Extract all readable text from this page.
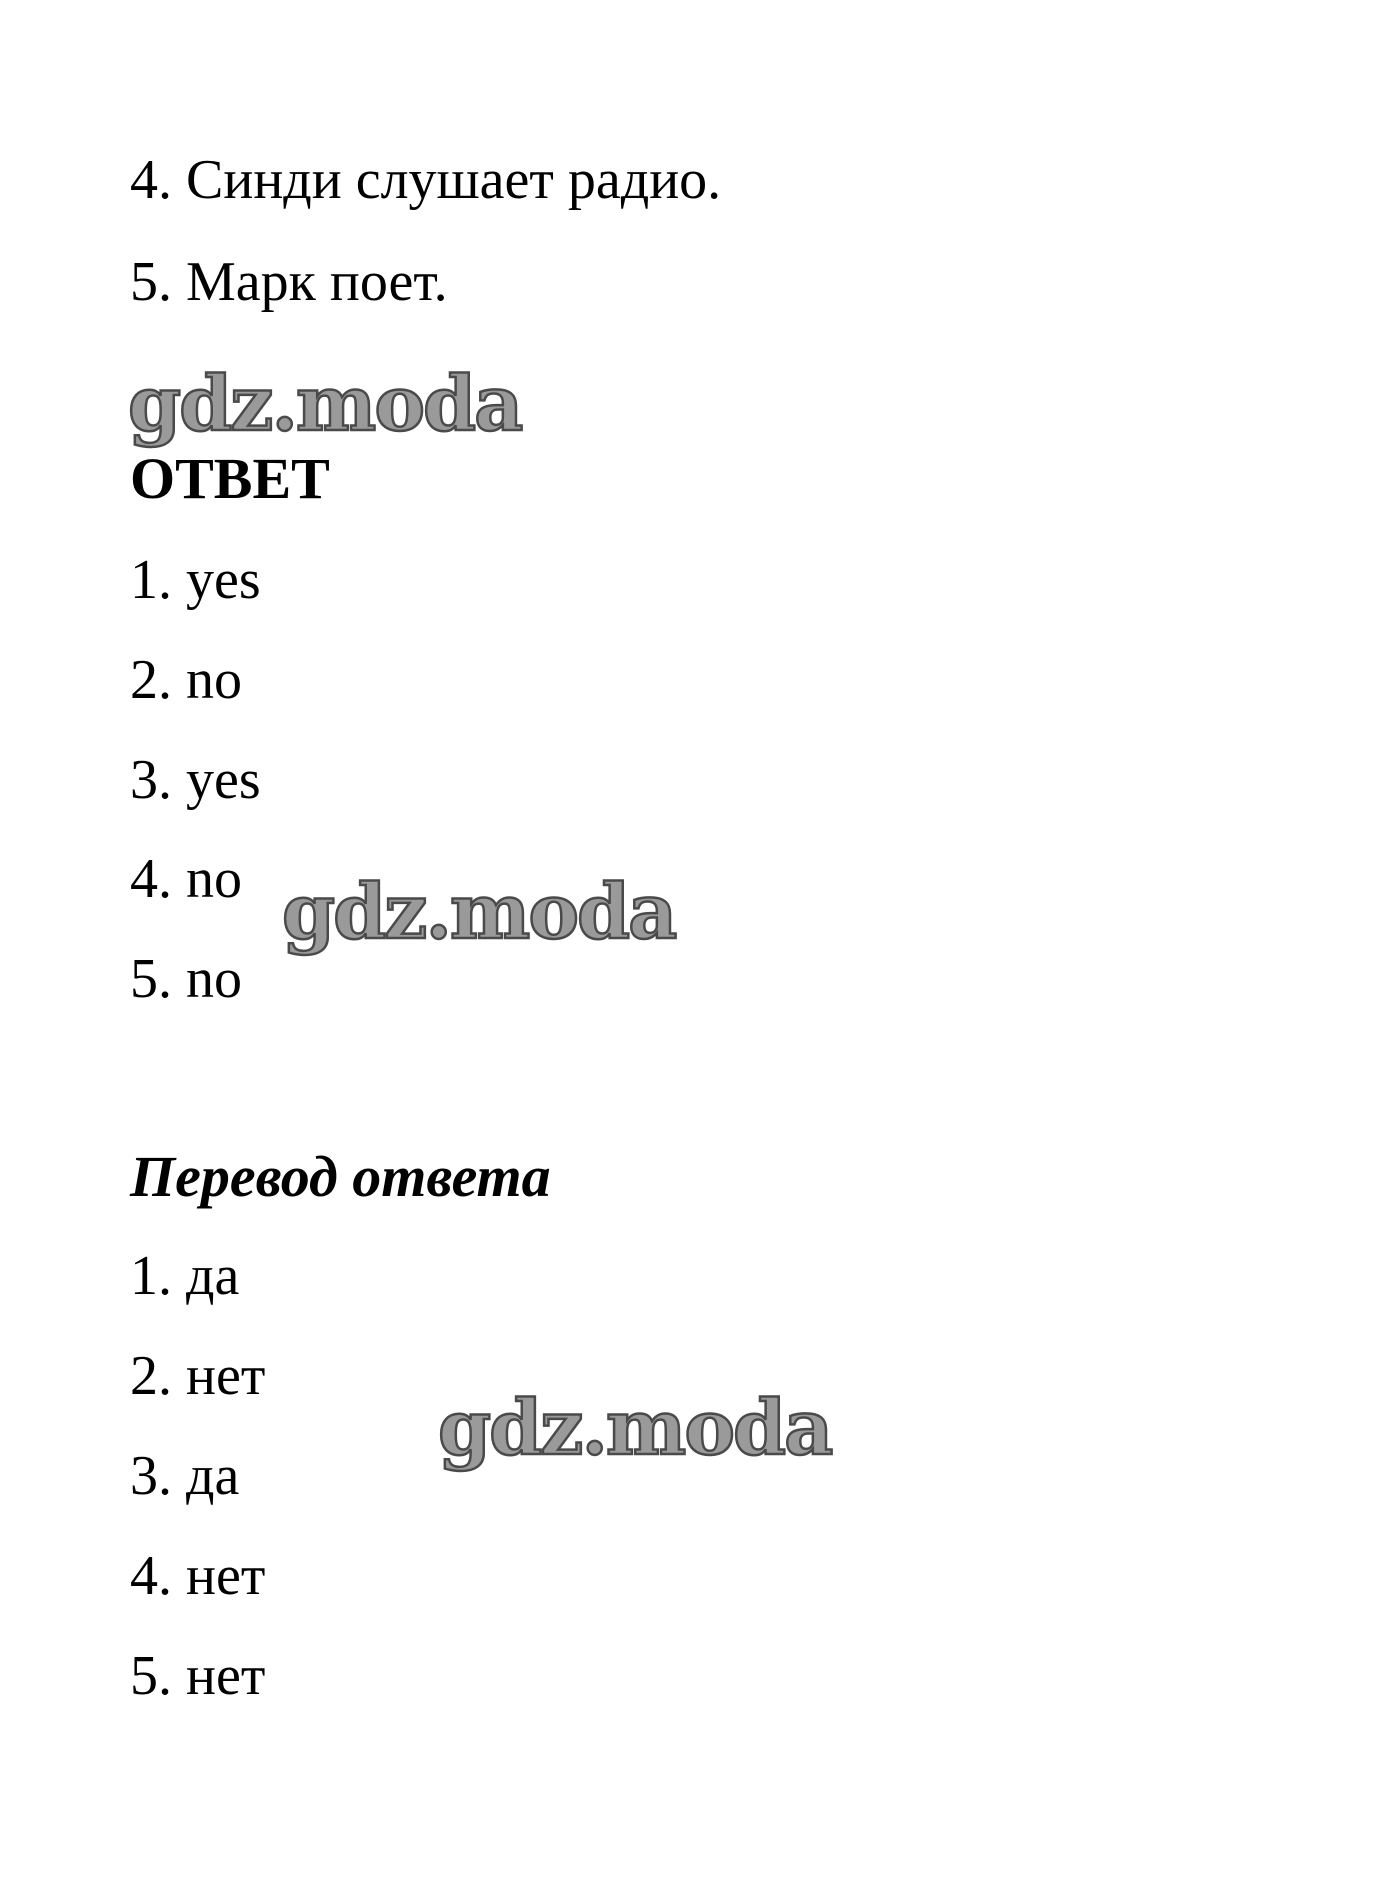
4. Синди слушает радио.
5. Марк поет.
gdz.moda
ОТВЕТ
1. yes
2. no
3. yes
4. no
5. no
gdz.moda
Перевод ответа
1. да
2. нет
3. да
4. нет
5. нет
gdz.moda
